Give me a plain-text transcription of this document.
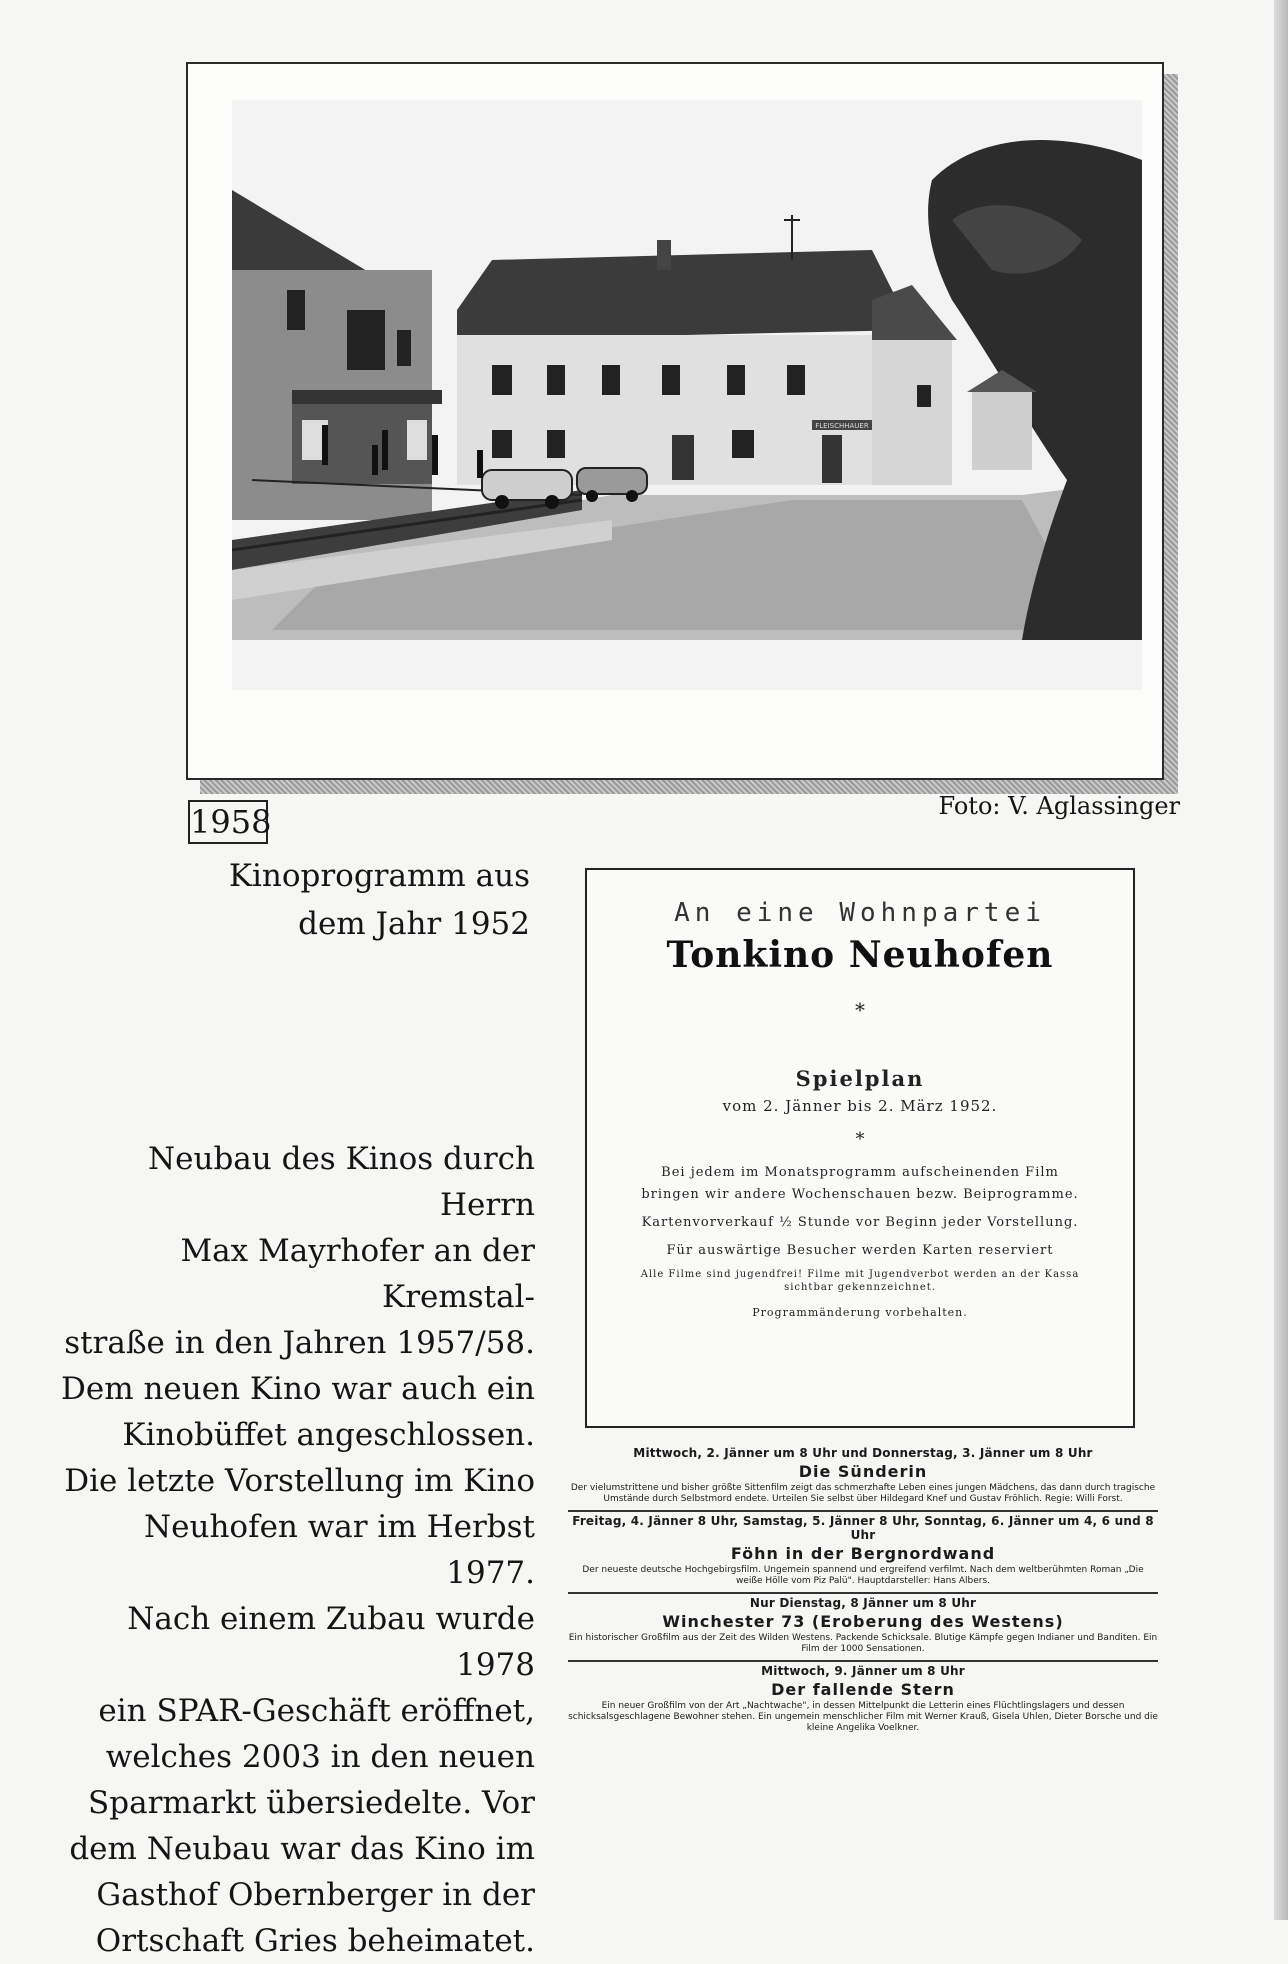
FLEISCHHAUER
1958	Foto: V. Aglassinger
Kinoprogramm aus
dem Jahr 1952
Neubau des Kinos durch Herrn
Max Mayrhofer an der Kremstal-
straße in den Jahren 1957/58.
Dem neuen Kino war auch ein
Kinobüffet angeschlossen.
Die letzte Vorstellung im Kino
Neuhofen war im Herbst 1977.
Nach einem Zubau wurde 1978
ein SPAR-Geschäft eröffnet,
welches 2003 in den neuen
Sparmarkt übersiedelte. Vor
dem Neubau war das Kino im
Gasthof Obernberger in der
Ortschaft Gries beheimatet.
An eine Wohnpartei
Tonkino Neuhofen
*
Spielplan
vom 2. Jänner bis 2. März 1952.
*

Bei jedem im Monatsprogramm aufscheinenden Film bringen wir andere Wochenschauen bezw. Beiprogramme.

Kartenvorverkauf ½ Stunde vor Beginn jeder Vorstellung.

Für auswärtige Besucher werden Karten reserviert

Alle Filme sind jugendfrei! Filme mit Jugendverbot werden an der Kassa sichtbar gekennzeichnet.

Programmänderung vorbehalten.

Mittwoch, 2. Jänner um 8 Uhr und Donnerstag, 3. Jänner um 8 Uhr
Die Sünderin
Der vielumstrittene und bisher größte Sittenfilm zeigt das schmerzhafte Leben eines jungen Mädchens, das dann durch tragische Umstände durch Selbstmord endete. Urteilen Sie selbst über Hildegard Knef und Gustav Fröhlich. Regie: Willi Forst.
Freitag, 4. Jänner 8 Uhr, Samstag, 5. Jänner 8 Uhr, Sonntag, 6. Jänner um 4, 6 und 8 Uhr
Föhn in der Bergnordwand
Der neueste deutsche Hochgebirgsfilm. Ungemein spannend und ergreifend verfilmt. Nach dem weltberühmten Roman „Die weiße Hölle vom Piz Palü". Hauptdarsteller: Hans Albers.
Nur Dienstag, 8 Jänner um 8 Uhr
Winchester 73 (Eroberung des Westens)
Ein historischer Großfilm aus der Zeit des Wilden Westens. Packende Schicksale. Blutige Kämpfe gegen Indianer und Banditen. Ein Film der 1000 Sensationen.
Mittwoch, 9. Jänner um 8 Uhr
Der fallende Stern
Ein neuer Großfilm von der Art „Nachtwache", in dessen Mittelpunkt die Letterin eines Flüchtlingslagers und dessen schicksalsgeschlagene Bewohner stehen. Ein ungemein menschlicher Film mit Werner Krauß, Gisela Uhlen, Dieter Borsche und die kleine Angelika Voelkner.
